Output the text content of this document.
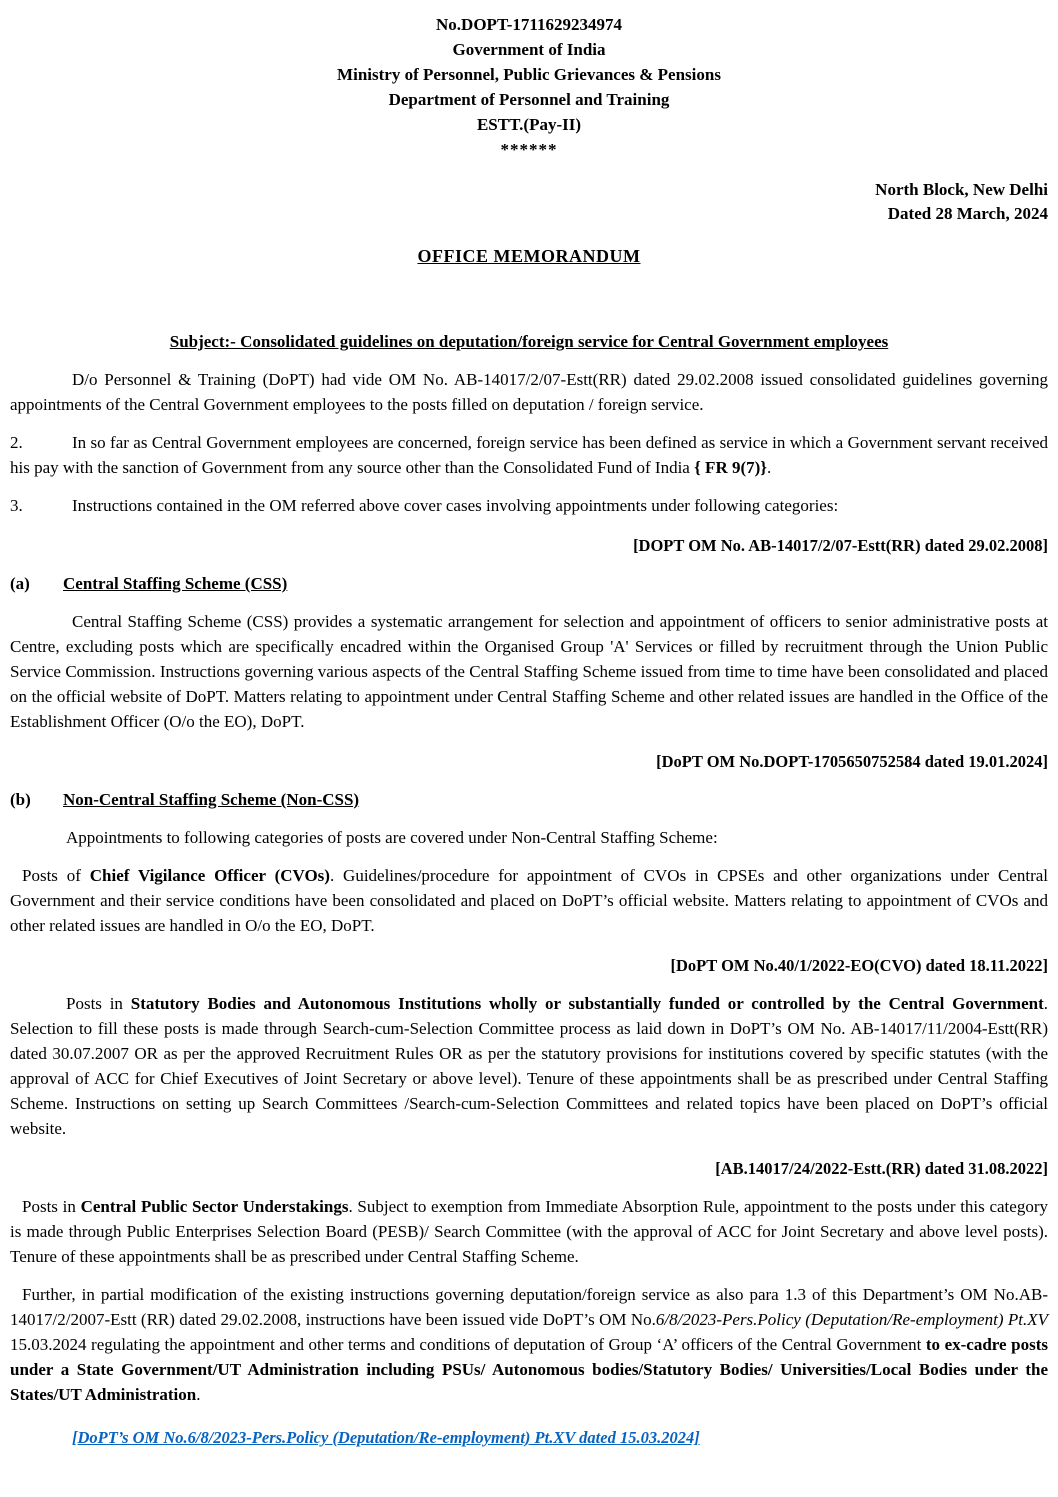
No.DOPT-1711629234974

Government of India

Ministry of Personnel, Public Grievances & Pensions

Department of Personnel and Training

ESTT.(Pay-II)

******

North Block, New Delhi

Dated 28 March, 2024

OFFICE MEMORANDUM

Subject:- Consolidated guidelines on deputation/foreign service for Central Government employees

D/o Personnel & Training (DoPT) had vide OM No. AB-14017/2/07-Estt(RR) dated 29.02.2008 issued consolidated guidelines governing appointments of the Central Government employees to the posts filled on deputation / foreign service.

2.	In so far as Central Government employees are concerned, foreign service has been defined as service in which a Government servant received his pay with the sanction of Government from any source other than the Consolidated Fund of India { FR 9(7)}.

3.	Instructions contained in the OM referred above cover cases involving appointments under following categories:

[DOPT OM No. AB-14017/2/07-Estt(RR) dated 29.02.2008]

(a) Central Staffing Scheme (CSS)

Central Staffing Scheme (CSS) provides a systematic arrangement for selection and appointment of officers to senior administrative posts at Centre, excluding posts which are specifically encadred within the Organised Group 'A' Services or filled by recruitment through the Union Public Service Commission. Instructions governing various aspects of the Central Staffing Scheme issued from time to time have been consolidated and placed on the official website of DoPT. Matters relating to appointment under Central Staffing Scheme and other related issues are handled in the Office of the Establishment Officer (O/o the EO), DoPT.

[DoPT OM No.DOPT-1705650752584 dated 19.01.2024]

(b) Non-Central Staffing Scheme (Non-CSS)

Appointments to following categories of posts are covered under Non-Central Staffing Scheme:

Posts of Chief Vigilance Officer (CVOs). Guidelines/procedure for appointment of CVOs in CPSEs and other organizations under Central Government and their service conditions have been consolidated and placed on DoPT’s official website. Matters relating to appointment of CVOs and other related issues are handled in O/o the EO, DoPT.

[DoPT OM No.40/1/2022-EO(CVO) dated 18.11.2022]

Posts in Statutory Bodies and Autonomous Institutions wholly or substantially funded or controlled by the Central Government. Selection to fill these posts is made through Search-cum-Selection Committee process as laid down in DoPT’s OM No. AB-14017/11/2004-Estt(RR) dated 30.07.2007 OR as per the approved Recruitment Rules OR as per the statutory provisions for institutions covered by specific statutes (with the approval of ACC for Chief Executives of Joint Secretary or above level). Tenure of these appointments shall be as prescribed under Central Staffing Scheme. Instructions on setting up Search Committees /Search-cum-Selection Committees and related topics have been placed on DoPT’s official website.

[AB.14017/24/2022-Estt.(RR) dated 31.08.2022]

Posts in Central Public Sector Understakings. Subject to exemption from Immediate Absorption Rule, appointment to the posts under this category is made through Public Enterprises Selection Board (PESB)/ Search Committee (with the approval of ACC for Joint Secretary and above level posts). Tenure of these appointments shall be as prescribed under Central Staffing Scheme.

Further, in partial modification of the existing instructions governing deputation/foreign service as also para 1.3 of this Department’s OM No.AB-14017/2/2007-Estt (RR) dated 29.02.2008, instructions have been issued vide DoPT’s OM No.6/8/2023-Pers.Policy (Deputation/Re-employment) Pt.XV 15.03.2024 regulating the appointment and other terms and conditions of deputation of Group ‘A’ officers of the Central Government to ex-cadre posts under a State Government/UT Administration including PSUs/ Autonomous bodies/Statutory Bodies/ Universities/Local Bodies under the States/UT Administration.

[DoPT’s OM No.6/8/2023-Pers.Policy (Deputation/Re-employment) Pt.XV dated 15.03.2024]
